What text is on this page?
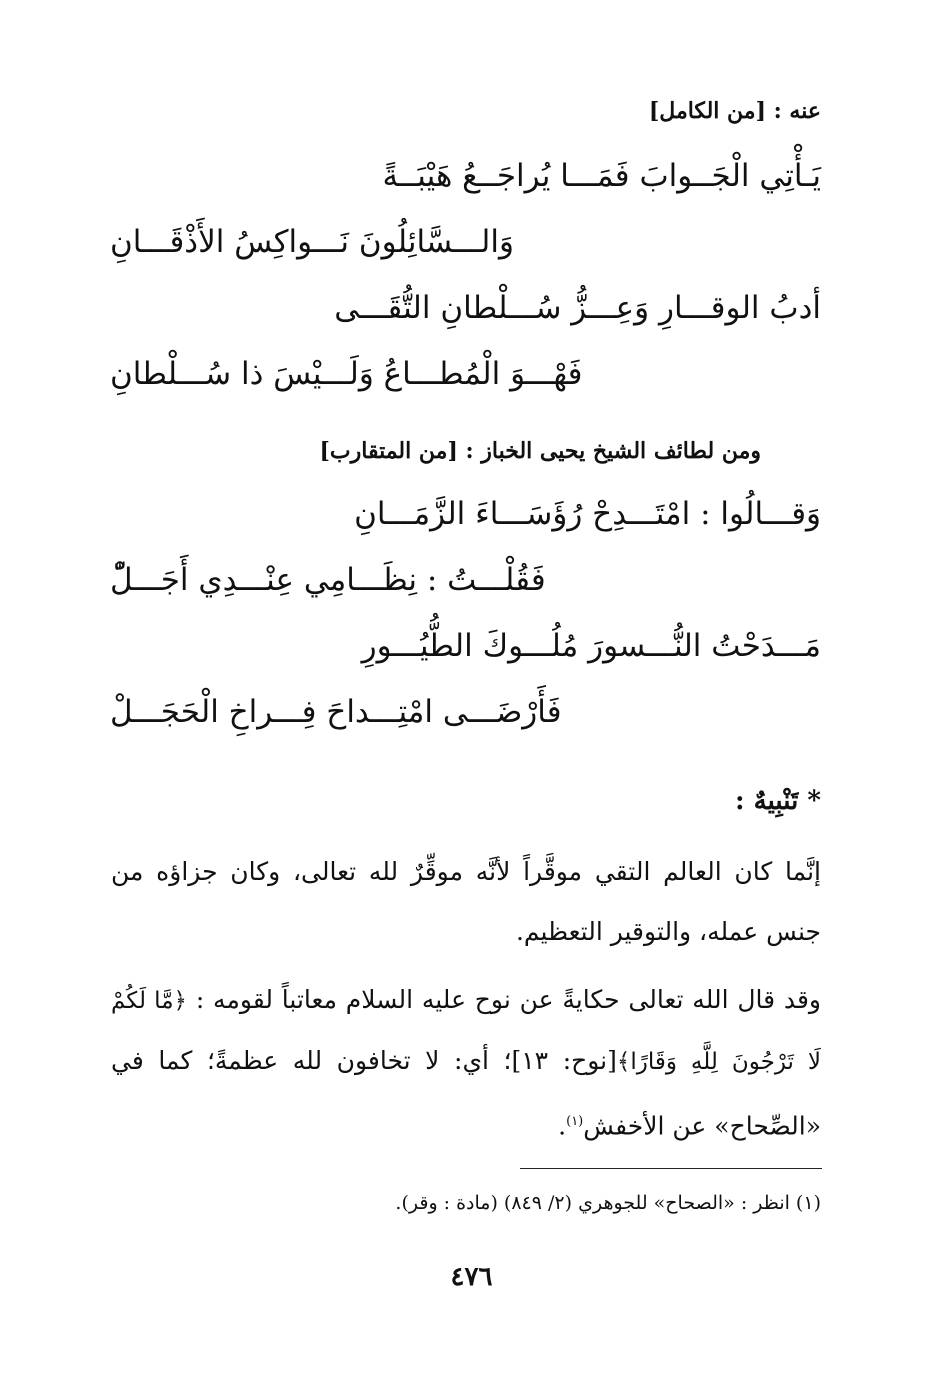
عنه : [من الكامل]
يَـأْتِي الْجَــوابَ فَمَـــا يُراجَــعُ هَيْبَــةً
وَالـــسَّائِلُونَ نَـــواكِسُ الأَذْقَـــانِ
أدبُ الوقـــارِ وَعِـــزُّ سُـــلْطانِ التُّقَـــى
فَهْـــوَ الْمُطـــاعُ وَلَـــيْسَ ذا سُـــلْطانِ
ومن لطائف الشيخ يحيى الخباز : [من المتقارب]
وَقـــالُوا : امْتَـــدِحْ رُؤَسَـــاءَ الزَّمَـــانِ
فَقُلْـــتُ : نِظَـــامِي عِنْـــدِي أَجَـــلّْ
مَـــدَحْتُ النُّـــسورَ مُلُـــوكَ الطُّيُـــورِ
فَأَرْضَـــى امْتِـــداحَ فِـــراخِ الْحَجَـــلْ
* تَنْبِيهٌ :
إنَّما كان العالم التقي موقَّراً لأنَّه موقِّرٌ لله تعالى، وكان جزاؤه من جنس عمله، والتوقير التعظيم.
وقد قال الله تعالى حكايةً عن نوح عليه السلام معاتباً لقومه : ﴿مَّا لَكُمْ لَا تَرْجُونَ لِلَّهِ وَقَارًا﴾[نوح: ١٣]؛ أي: لا تخافون لله عظمةً؛ كما في «الصِّحاح» عن الأخفش$^{(١)}$.
(١) انظر : «الصحاح» للجوهري (٢/ ٨٤٩) (مادة : وقر).
٤٧٦
